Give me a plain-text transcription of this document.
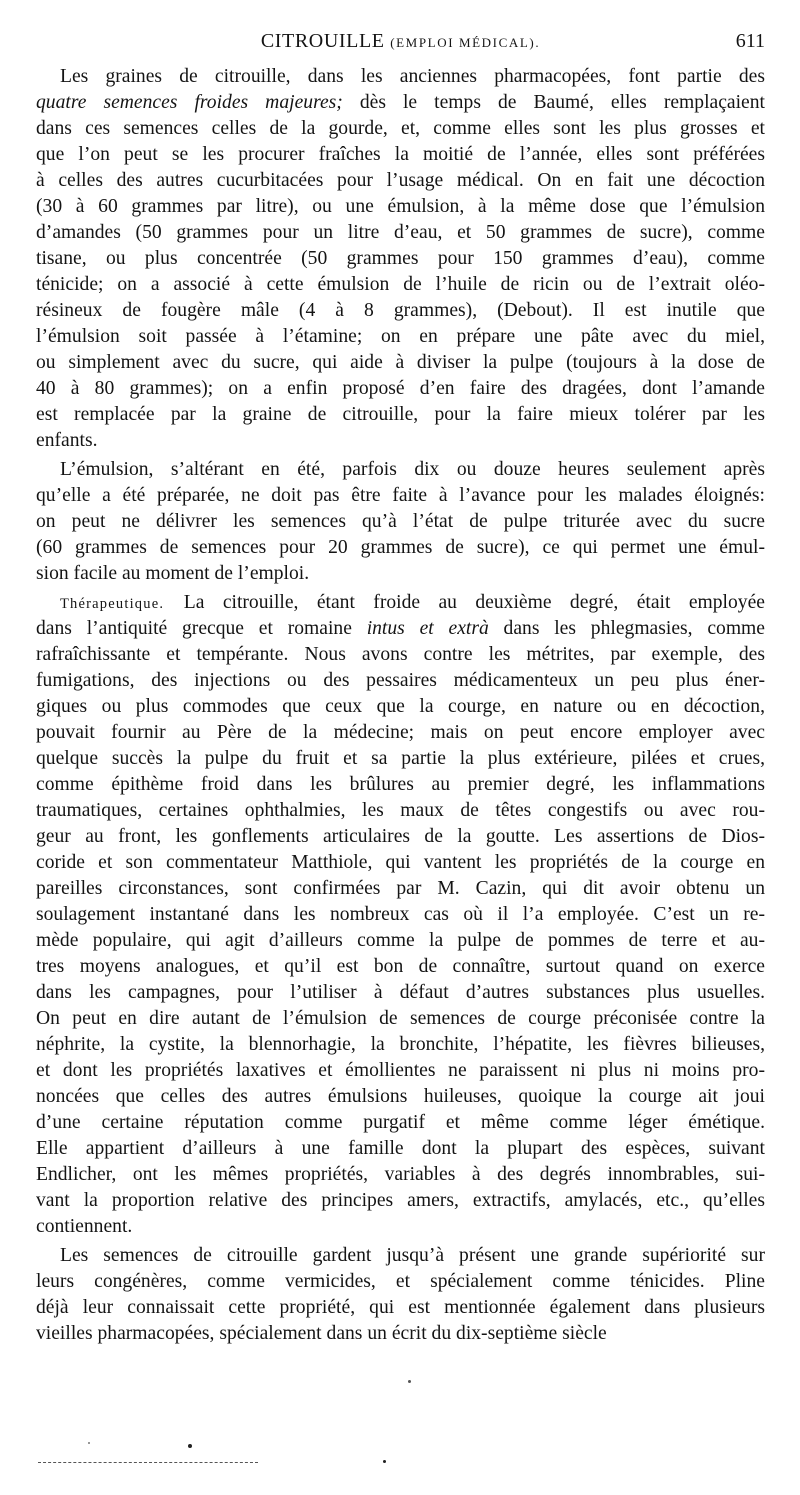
CITROUILLE (EMPLOI MÉDICAL).	611
Les graines de citrouille, dans les anciennes pharmacopées, font partie des
quatre semences froides majeures; dès le temps de Baumé, elles remplaçaient
dans ces semences celles de la gourde, et, comme elles sont les plus grosses et
que l’on peut se les procurer fraîches la moitié de l’année, elles sont préférées
à celles des autres cucurbitacées pour l’usage médical. On en fait une décoction
(30 à 60 grammes par litre), ou une émulsion, à la même dose que l’émulsion
d’amandes (50 grammes pour un litre d’eau, et 50 grammes de sucre), comme
tisane, ou plus concentrée (50 grammes pour 150 grammes d’eau), comme
ténicide; on a associé à cette émulsion de l’huile de ricin ou de l’extrait oléo-
résineux de fougère mâle (4 à 8 grammes), (Debout). Il est inutile que
l’émulsion soit passée à l’étamine; on en prépare une pâte avec du miel,
ou simplement avec du sucre, qui aide à diviser la pulpe (toujours à la dose de
40 à 80 grammes); on a enfin proposé d’en faire des dragées, dont l’amande
est remplacée par la graine de citrouille, pour la faire mieux tolérer par les
enfants.
L’émulsion, s’altérant en été, parfois dix ou douze heures seulement après
qu’elle a été préparée, ne doit pas être faite à l’avance pour les malades éloignés:
on peut ne délivrer les semences qu’à l’état de pulpe triturée avec du sucre
(60 grammes de semences pour 20 grammes de sucre), ce qui permet une émul-
sion facile au moment de l’emploi.
Thérapeutique.  La citrouille, étant froide au deuxième degré, était employée
dans l’antiquité grecque et romaine intus et extrà dans les phlegmasies, comme
rafraîchissante et tempérante. Nous avons contre les métrites, par exemple, des
fumigations, des injections ou des pessaires médicamenteux un peu plus éner-
giques ou plus commodes que ceux que la courge, en nature ou en décoction,
pouvait fournir au Père de la médecine; mais on peut encore employer avec
quelque succès la pulpe du fruit et sa partie la plus extérieure, pilées et crues,
comme épithème froid dans les brûlures au premier degré, les inflammations
traumatiques, certaines ophthalmies, les maux de têtes congestifs ou avec rou-
geur au front, les gonflements articulaires de la goutte. Les assertions de Dios-
coride et son commentateur Matthiole, qui vantent les propriétés de la courge en
pareilles circonstances, sont confirmées par M. Cazin, qui dit avoir obtenu un
soulagement instantané dans les nombreux cas où il l’a employée. C’est un re-
mède populaire, qui agit d’ailleurs comme la pulpe de pommes de terre et au-
tres moyens analogues, et qu’il est bon de connaître, surtout quand on exerce
dans les campagnes, pour l’utiliser à défaut d’autres substances plus usuelles.
On peut en dire autant de l’émulsion de semences de courge préconisée contre la
néphrite, la cystite, la blennorhagie, la bronchite, l’hépatite, les fièvres bilieuses,
et dont les propriétés laxatives et émollientes ne paraissent ni plus ni moins pro-
noncées que celles des autres émulsions huileuses, quoique la courge ait joui
d’une certaine réputation comme purgatif et même comme léger émétique.
Elle appartient d’ailleurs à une famille dont la plupart des espèces, suivant
Endlicher, ont les mêmes propriétés, variables à des degrés innombrables, sui-
vant la proportion relative des principes amers, extractifs, amylacés, etc., qu’elles
contiennent.
Les semences de citrouille gardent jusqu’à présent une grande supériorité sur
leurs congénères, comme vermicides, et spécialement comme ténicides. Pline
déjà leur connaissait cette propriété, qui est mentionnée également dans plusieurs
vieilles pharmacopées, spécialement dans un écrit du dix-septième siècle
